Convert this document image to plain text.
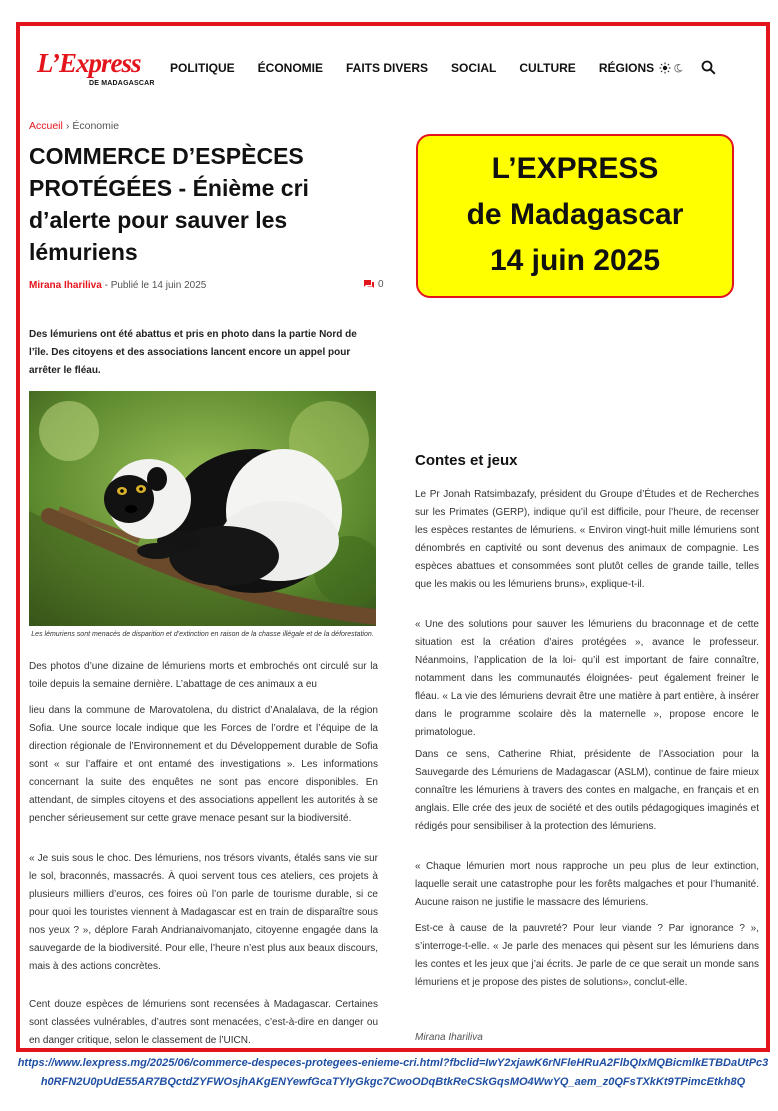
L’Express
DE MADAGASCAR
POLITIQUE ÉCONOMIE FAITS DIVERS SOCIAL CULTURE RÉGIONS
Accueil › Économie
COMMERCE D’ESPÈCES PROTÉGÉES - Énième cri d’alerte pour sauver les lémuriens
Mirana Ihariliva - Publié le 14 juin 2025	0

Des lémuriens ont été abattus et pris en photo dans la partie Nord de l’île. Des citoyens et des associations lancent encore un appel pour arrêter le fléau.

Les lémuriens sont menacés de disparition et d’extinction en raison de la chasse illégale et de la déforestation.

Des photos d’une dizaine de lémuriens morts et embrochés ont circulé sur la toile depuis la semaine dernière. L’abattage de ces animaux a eu

lieu dans la commune de Marovatolena, du district d’Analalava, de la région Sofia. Une source locale indique que les Forces de l’ordre et l’équipe de la direction régionale de l’Environnement et du Développement durable de Sofia sont « sur l’affaire et ont entamé des investigations ». Les informations concernant la suite des enquêtes ne sont pas encore disponibles. En attendant, de simples citoyens et des associations appellent les autorités à se pencher sérieusement sur cette grave menace pesant sur la biodiversité.

« Je suis sous le choc. Des lémuriens, nos trésors vivants, étalés sans vie sur le sol, braconnés, massacrés. À quoi servent tous ces ateliers, ces projets à plusieurs milliers d’euros, ces foires où l’on parle de tourisme durable, si ce pour quoi les touristes viennent à Madagascar est en train de disparaître sous nos yeux ? », déplore Farah Andrianaivomanjato, citoyenne engagée dans la sauvegarde de la biodiversité. Pour elle, l’heure n’est plus aux beaux discours, mais à des actions concrètes.

Cent douze espèces de lémuriens sont recensées à Madagascar. Certaines sont classées vulnérables, d’autres sont menacées, c’est-à-dire en danger ou en danger critique, selon le classement de l’UICN.

L’EXPRESS
de Madagascar
14 juin 2025
Contes et jeux

Le Pr Jonah Ratsimbazafy, président du Groupe d’Études et de Recherches sur les Primates (GERP), indique qu’il est difficile, pour l’heure, de recenser les espèces restantes de lémuriens. « Environ vingt-huit mille lémuriens sont dénombrés en captivité ou sont devenus des animaux de compagnie. Les espèces abattues et consommées sont plutôt celles de grande taille, telles que les makis ou les lémuriens bruns», explique-t-il.

« Une des solutions pour sauver les lémuriens du braconnage et de cette situation est la création d’aires protégées », avance le professeur. Néanmoins, l’application de la loi- qu’il est important de faire connaître, notamment dans les communautés éloignées- peut également freiner le fléau. « La vie des lémuriens devrait être une matière à part entière, à insérer dans le programme scolaire dès la maternelle », propose encore le primatologue.

Dans ce sens, Catherine Rhiat, présidente de l’Association pour la Sauvegarde des Lémuriens de Madagascar (ASLM), continue de faire mieux connaître les lémuriens à travers des contes en malgache, en français et en anglais. Elle crée des jeux de société et des outils pédagogiques imaginés et rédigés pour sensibiliser à la protection des lémuriens.

« Chaque lémurien mort nous rapproche un peu plus de leur extinction, laquelle serait une catastrophe pour les forêts malgaches et pour l’humanité. Aucune raison ne justifie le massacre des lémuriens.

Est-ce à cause de la pauvreté? Pour leur viande ? Par ignorance ? », s’interroge-t-elle. « Je parle des menaces qui pèsent sur les lémuriens dans les contes et les jeux que j’ai écrits. Je parle de ce que serait un monde sans lémuriens et je propose des pistes de solutions», conclut-elle.

Mirana Ihariliva

https://www.lexpress.mg/2025/06/commerce-despeces-protegees-enieme-cri.html?fbclid=IwY2xjawK6rNFleHRuA2FlbQIxMQBicmlkETBDaUtPc3h0RFN2U0pUdE55AR7BQctdZYFWOsjhAKgENYewfGcaTYIyGkgc7CwoODqBtkReCSkGqsMO4WwYQ_aem_z0QFsTXkKt9TPimcEtkh8Q
